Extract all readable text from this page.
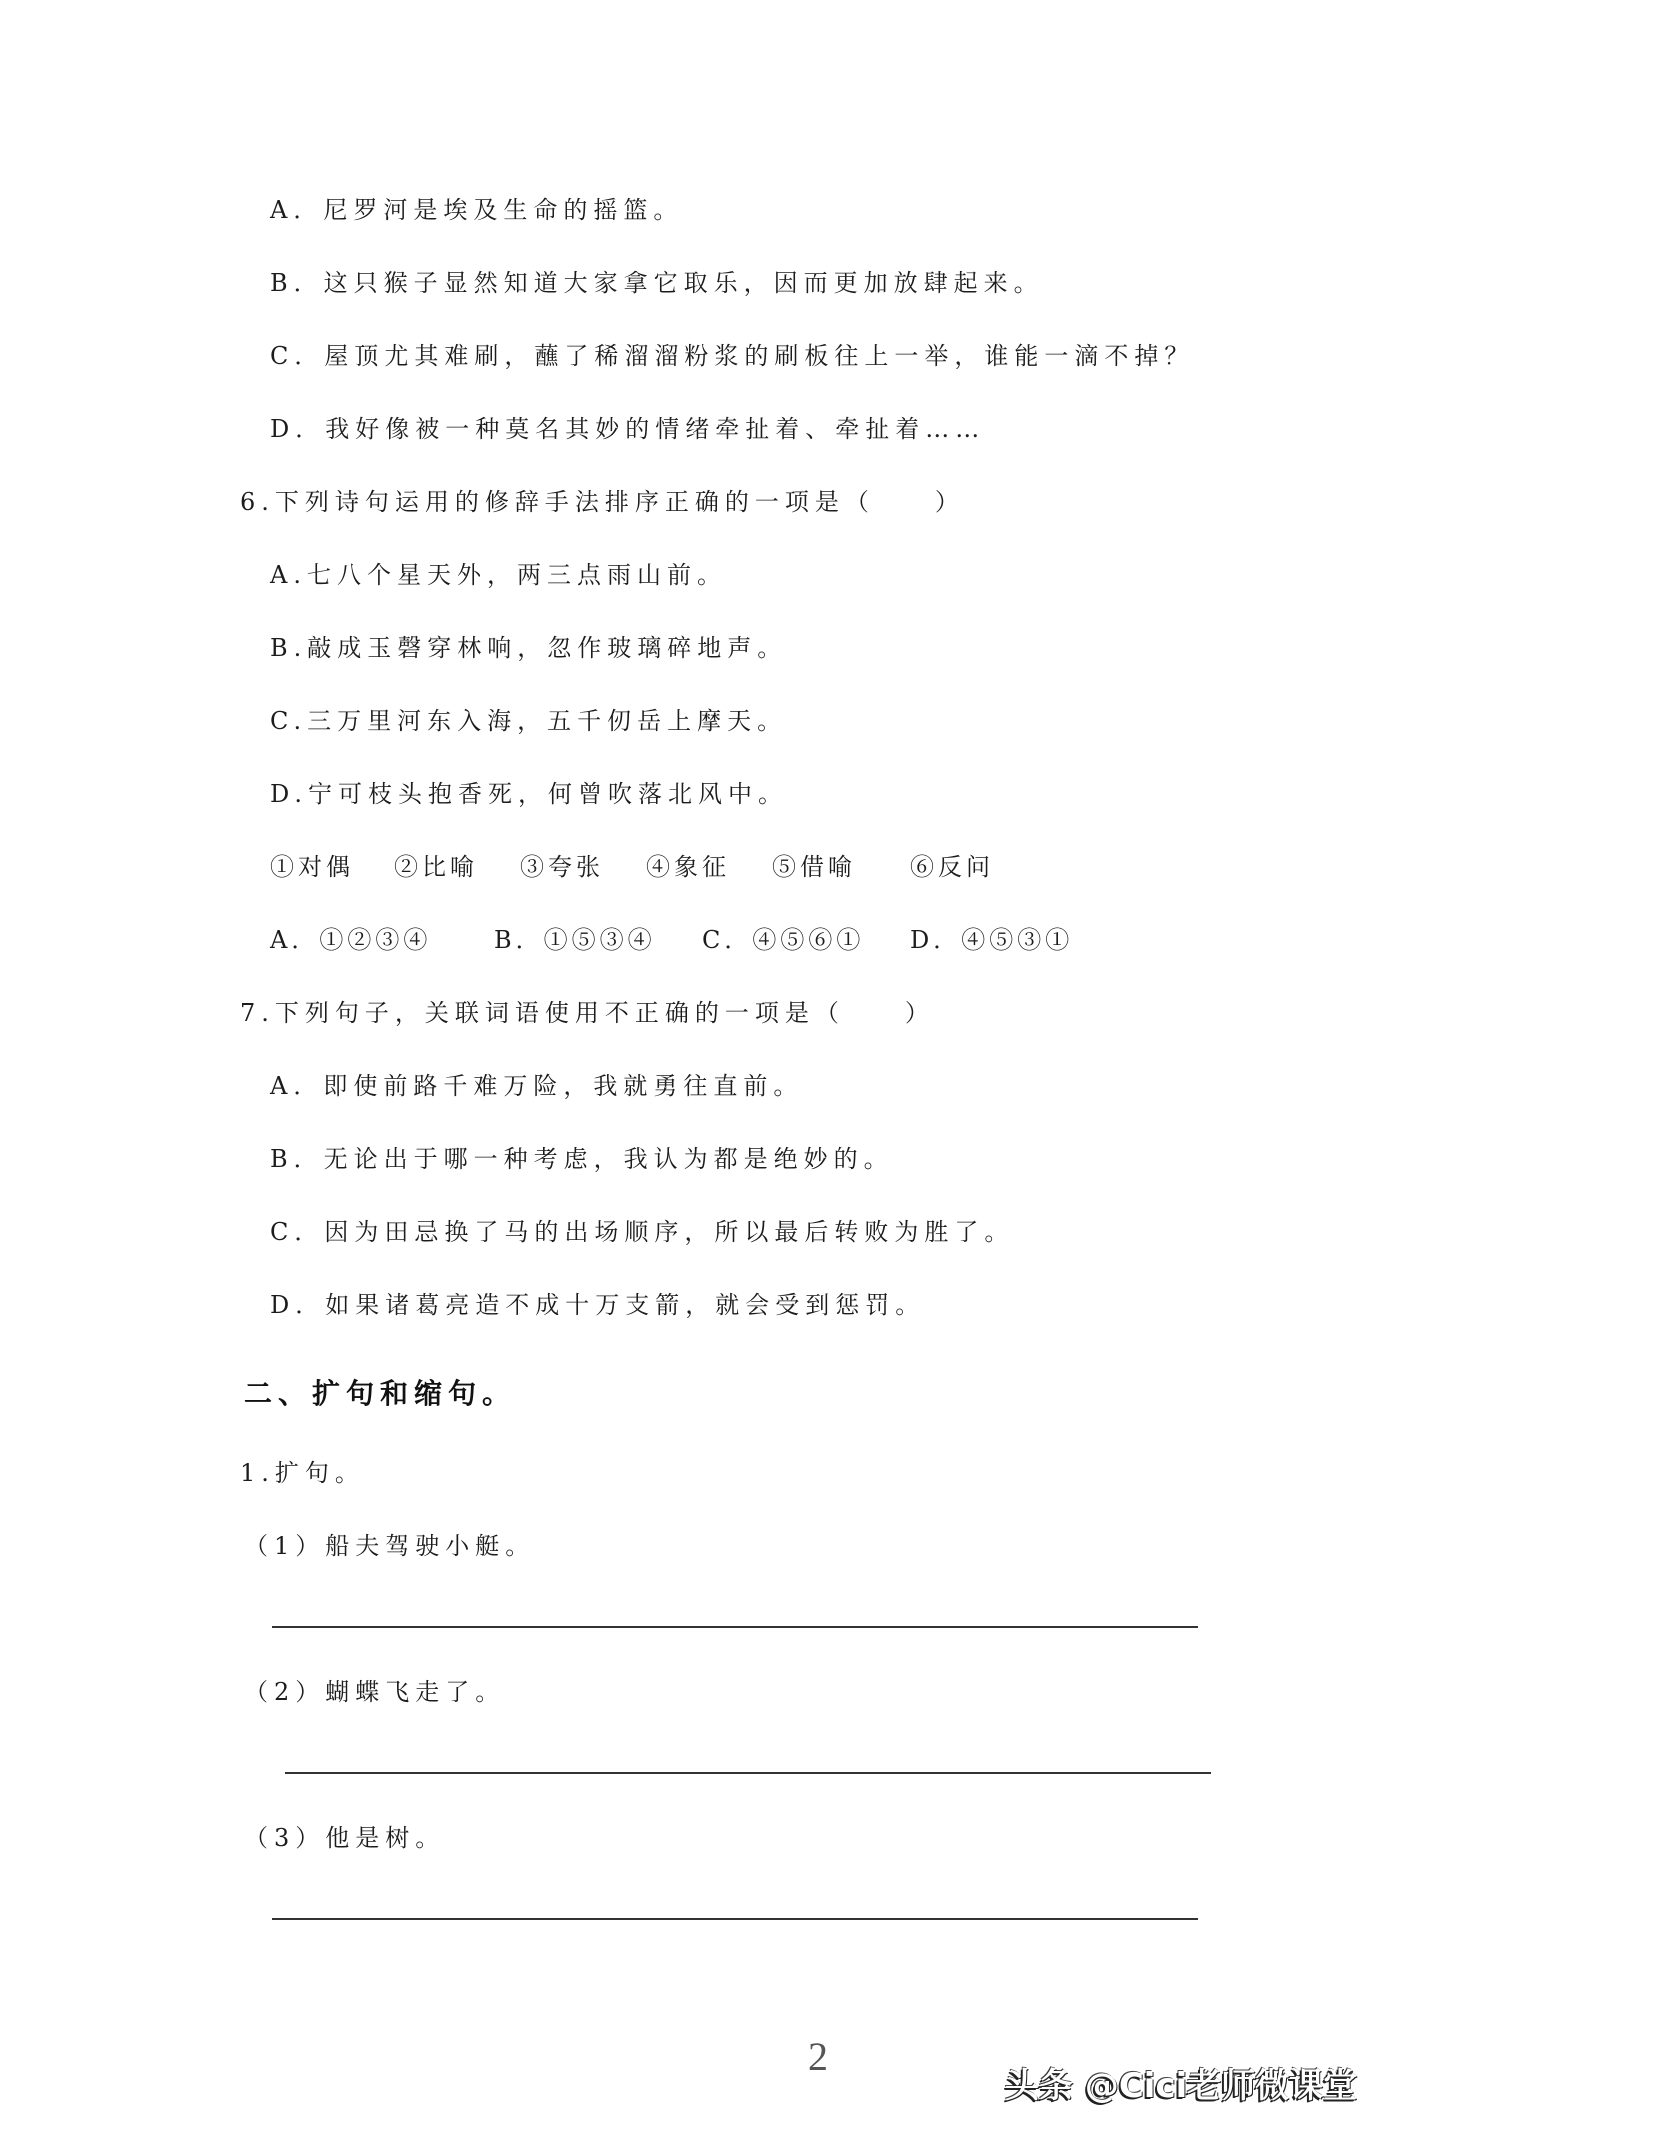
A．尼罗河是埃及生命的摇篮。
B．这只猴子显然知道大家拿它取乐，因而更加放肆起来。
C．屋顶尤其难刷，蘸了稀溜溜粉浆的刷板往上一举，谁能一滴不掉？
D．我好像被一种莫名其妙的情绪牵扯着、牵扯着……
6.下列诗句运用的修辞手法排序正确的一项是（　　）
A.七八个星天外，两三点雨山前。
B.敲成玉磬穿林响，忽作玻璃碎地声。
C.三万里河东入海，五千仞岳上摩天。
D.宁可枝头抱香死，何曾吹落北风中。
①对偶 ②比喻 ③夸张 ④象征 ⑤借喻 ⑥反问
A．①②③④	B．①⑤③④ C．④⑤⑥① D．④⑤③①
7.下列句子，关联词语使用不正确的一项是（　　）
A．即使前路千难万险，我就勇往直前。
B．无论出于哪一种考虑，我认为都是绝妙的。
C．因为田忌换了马的出场顺序，所以最后转败为胜了。
D．如果诸葛亮造不成十万支箭，就会受到惩罚。
二、扩句和缩句。
1.扩句。
（1）船夫驾驶小艇。
（2）蝴蝶飞走了。
（3）他是树。
2
头条 @Cici老师微课堂
